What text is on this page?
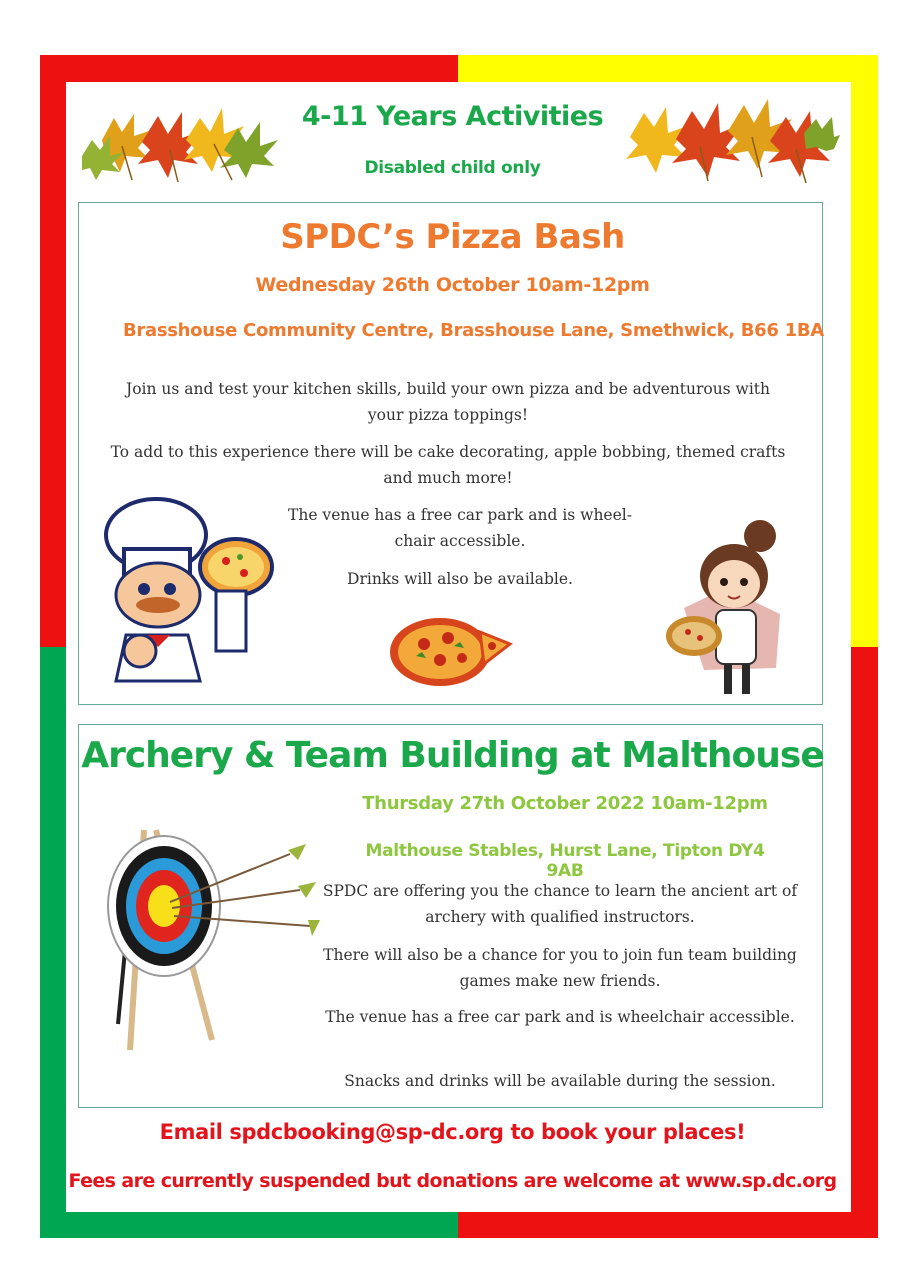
4-11 Years Activities
Disabled child only
SPDC’s Pizza Bash
Wednesday 26th October 10am-12pm
Brasshouse Community Centre, Brasshouse Lane, Smethwick, B66 1BA
Join us and test your kitchen skills, build your own pizza and be adventurous with your pizza toppings!
To add to this experience there will be cake decorating, apple bobbing, themed crafts and much more!
The venue has a free car park and is wheel-chair accessible.
Drinks will also be available.
Archery & Team Building at Malthouse
Thursday 27th October 2022 10am-12pm
Malthouse Stables, Hurst Lane, Tipton DY4 9AB
SPDC are offering you the chance to learn the ancient art of archery with qualified instructors.
There will also be a chance for you to join fun team building games make new friends.
The venue has a free car park and is wheelchair accessible.
Snacks and drinks will be available during the session.
Email spdcbooking@sp-dc.org to book your places!
Fees are currently suspended but donations are welcome at www.sp.dc.org
